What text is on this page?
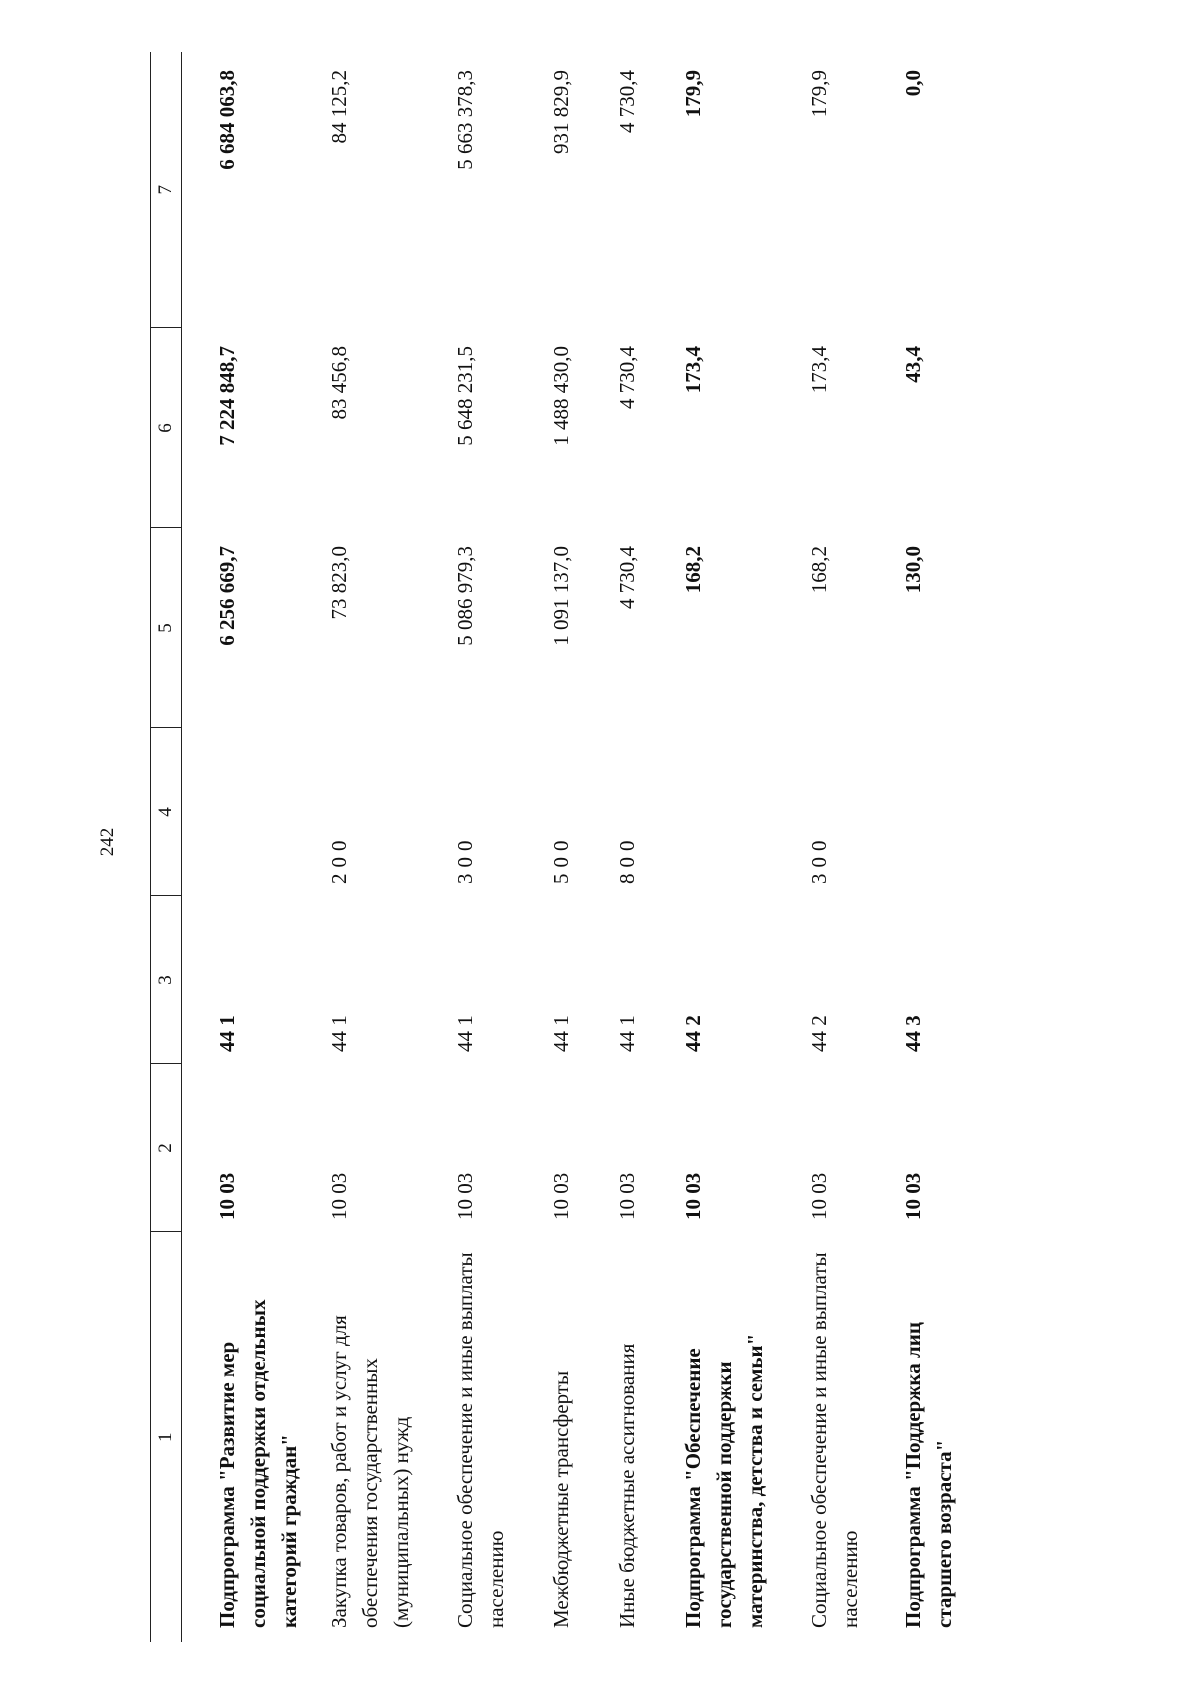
242
1	2	3	4	5	6	7
Подпрограмма "Развитие мер социальной поддержки отдельных категорий граждан"	10 03	44 1		6 256 669,7	7 224 848,7	6 684 063,8
Закупка товаров, работ и услуг для обеспечения государственных (муниципальных) нужд	10 03	44 1	200	73 823,0	83 456,8	84 125,2
Социальное обеспечение и иные выплаты населению	10 03	44 1	300	5 086 979,3	5 648 231,5	5 663 378,3
Межбюджетные трансферты	10 03	44 1	500	1 091 137,0	1 488 430,0	931 829,9
Иные бюджетные ассигнования	10 03	44 1	800	4 730,4	4 730,4	4 730,4
Подпрограмма "Обеспечение государственной поддержки материнства, детства и семьи"	10 03	44 2		168,2	173,4	179,9
Социальное обеспечение и иные выплаты населению	10 03	44 2	300	168,2	173,4	179,9
Подпрограмма "Поддержка лиц старшего возраста"	10 03	44 3		130,0	43,4	0,0
